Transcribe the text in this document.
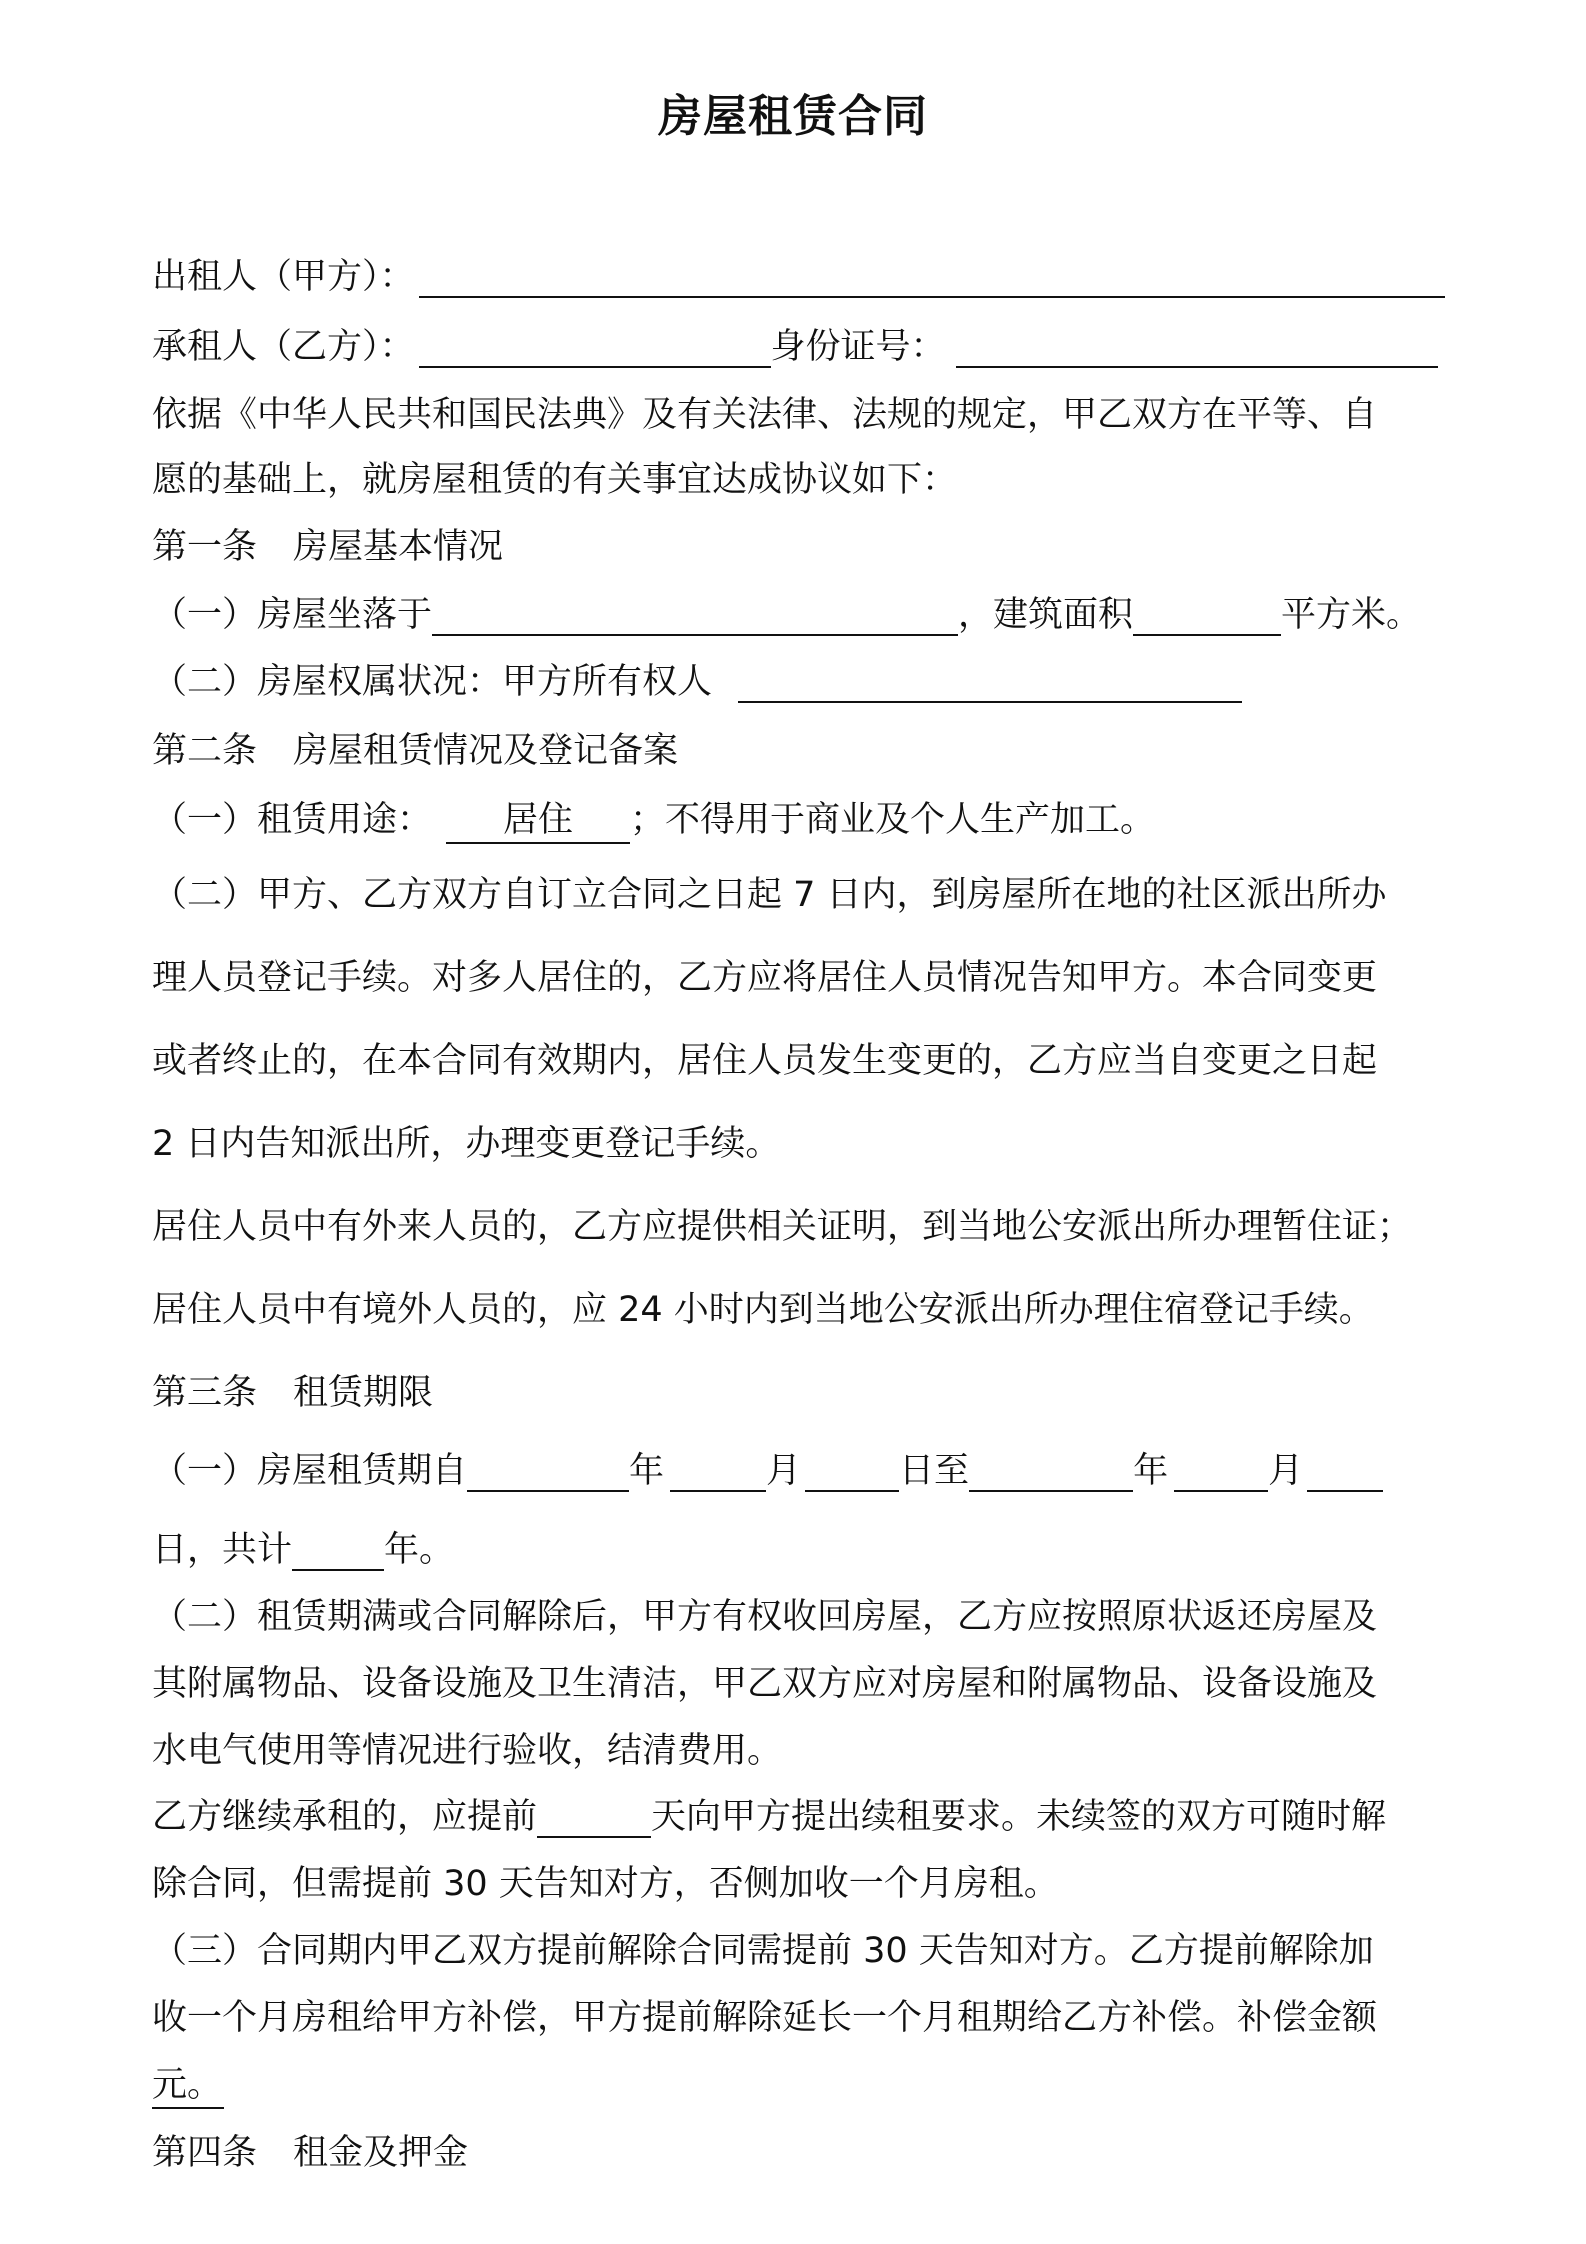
房屋租赁合同
出租人（甲方）：
承租人（乙方）：	身份证号：
依据《中华人民共和国民法典》及有关法律、法规的规定，甲乙双方在平等、自
愿的基础上，就房屋租赁的有关事宜达成协议如下：
第一条 房屋基本情况
（一）房屋坐落于	，建筑面积	平方米。
（二）房屋权属状况：甲方所有权人
第二条 房屋租赁情况及登记备案
（一）租赁用途： 居住 ；不得用于商业及个人生产加工。
（二）甲方、乙方双方自订立合同之日起 7 日内，到房屋所在地的社区派出所办
理人员登记手续。对多人居住的，乙方应将居住人员情况告知甲方。本合同变更
或者终止的，在本合同有效期内，居住人员发生变更的，乙方应当自变更之日起
2 日内告知派出所，办理变更登记手续。
居住人员中有外来人员的，乙方应提供相关证明，到当地公安派出所办理暂住证；
居住人员中有境外人员的，应 24 小时内到当地公安派出所办理住宿登记手续。
第三条 租赁期限
（一）房屋租赁期自	年	月	日至	年	月
日，共计	年。
（二）租赁期满或合同解除后，甲方有权收回房屋，乙方应按照原状返还房屋及
其附属物品、设备设施及卫生清洁，甲乙双方应对房屋和附属物品、设备设施及
水电气使用等情况进行验收，结清费用。
乙方继续承租的，应提前	天向甲方提出续租要求。未续签的双方可随时解
除合同，但需提前 30 天告知对方，否侧加收一个月房租。
（三）合同期内甲乙双方提前解除合同需提前 30 天告知对方。乙方提前解除加
收一个月房租给甲方补偿，甲方提前解除延长一个月租期给乙方补偿。补偿金额
元。
第四条 租金及押金
